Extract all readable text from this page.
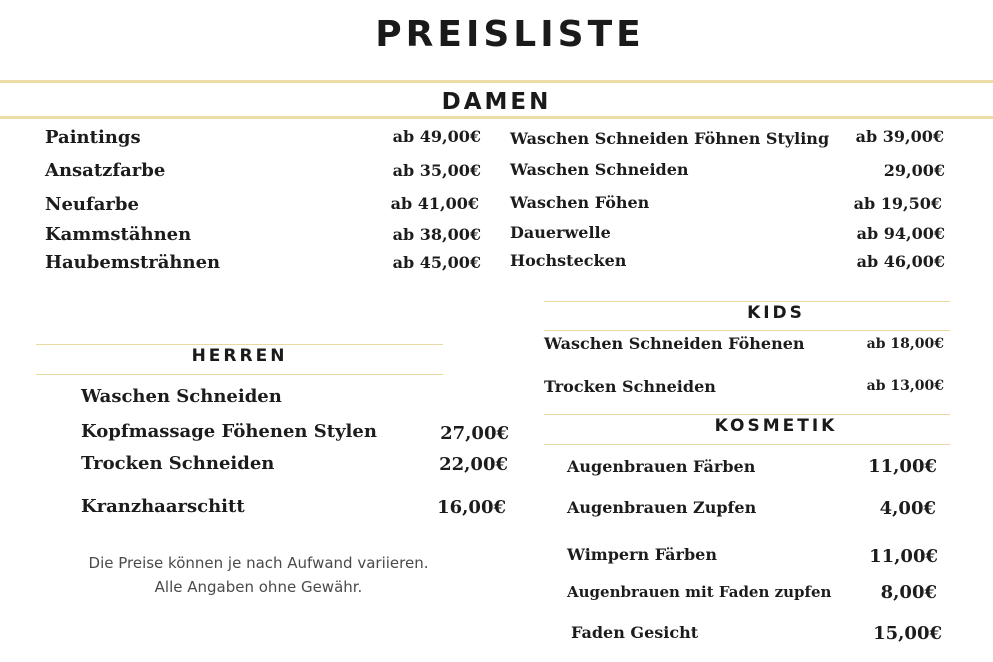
PREISLISTE
DAMEN
Paintings	ab 49,00€
Ansatzfarbe	ab 35,00€
Neufarbe	ab 41,00€
Kammstähnen	ab 38,00€
Haubemsträhnen	ab 45,00€
Waschen Schneiden Föhnen Styling ab 39,00€
Waschen Schneiden	29,00€
Waschen Föhen	ab 19,50€
Dauerwelle	ab 94,00€
Hochstecken	ab 46,00€
HERREN
Waschen Schneiden
Kopfmassage Föhenen Stylen	27,00€
Trocken Schneiden	22,00€
Kranzhaarschitt	16,00€
Die Preise können je nach Aufwand variieren.
Alle Angaben ohne Gewähr.
KIDS
Waschen Schneiden Föhenen	ab 18,00€
Trocken Schneiden	ab 13,00€
KOSMETIK
Augenbrauen Färben	11,00€
Augenbrauen Zupfen	4,00€
Wimpern Färben	11,00€
Augenbrauen mit Faden zupfen	8,00€
Faden Gesicht	15,00€
